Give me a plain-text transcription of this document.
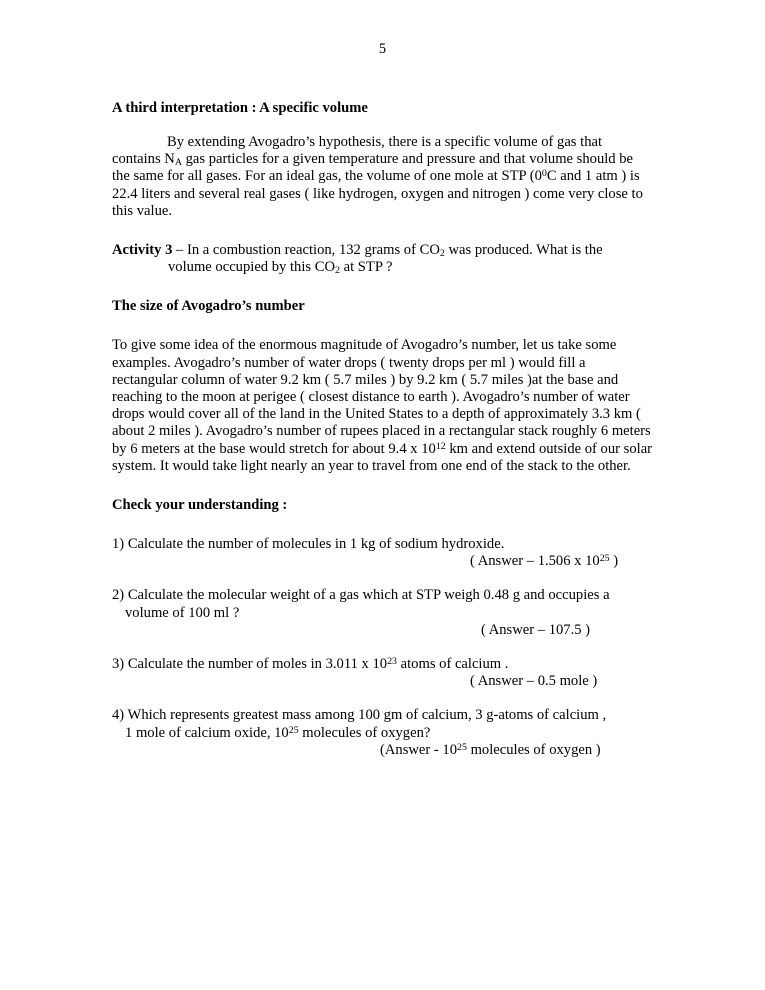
5
A third interpretation : A specific volume

By extending Avogadro’s hypothesis, there is a specific volume of gas that contains $N_A$ gas particles for a given temperature and pressure and that volume should be the same for all gases. For an ideal gas, the volume of one mole at STP ($0^0C$ and 1 atm ) is 22.4 liters and several real gases ( like hydrogen, oxygen and nitrogen ) come very close to this value.

Activity 3 – In a combustion reaction, 132 grams of $CO_2$ was produced. What is the
volume occupied by this $CO_2$ at STP ?

The size of Avogadro’s number

To give some idea of the enormous magnitude of Avogadro’s number, let us take some examples. Avogadro’s number of water drops ( twenty drops per ml ) would fill a rectangular column of water 9.2 km ( 5.7 miles ) by 9.2 km ( 5.7 miles )at the base and reaching to the moon at perigee ( closest distance to earth ). Avogadro’s number of water drops would cover all of the land in the United States to a depth of approximately 3.3 km ( about 2 miles ). Avogadro’s number of rupees placed in a rectangular stack roughly 6 meters by 6 meters at the base would stretch for about 9.4 x $10^{12}$ km and extend outside of our solar system. It would take light nearly an year to travel from one end of the stack to the other.

Check your understanding :
1) Calculate the number of molecules in 1 kg of sodium hydroxide.
( Answer – 1.506 x $10^{25}$ )
2) Calculate the molecular weight of a gas which at STP weigh 0.48 g and occupies a
volume of 100 ml ?
( Answer – 107.5 )
3) Calculate the number of moles in 3.011 x $10^{23}$ atoms of calcium .
( Answer – 0.5 mole )
4) Which represents greatest mass among 100 gm of calcium, 3 g-atoms of calcium ,
1 mole of calcium oxide, $10^{25}$ molecules of oxygen?
(Answer - $10^{25}$ molecules of oxygen )
